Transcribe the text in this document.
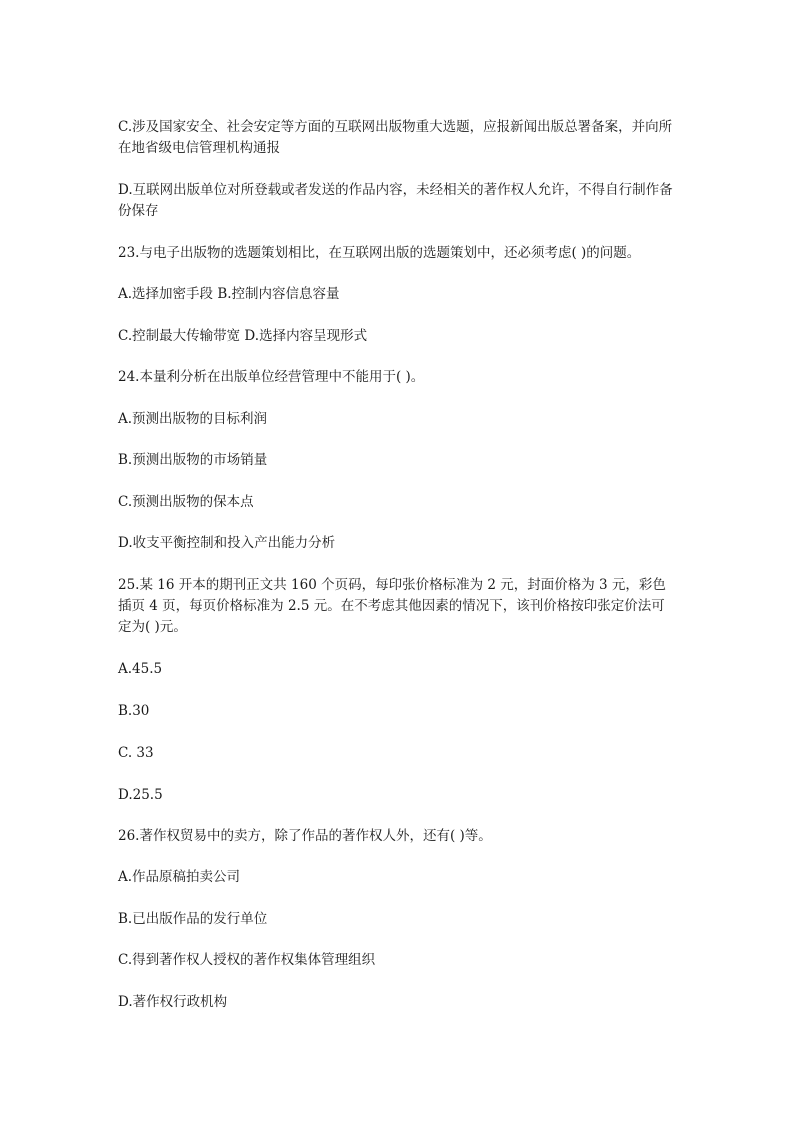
C.涉及国家安全、社会安定等方面的互联网出版物重大选题，应报新闻出版总署备案，并向所在地省级电信管理机构通报

D.互联网出版单位对所登载或者发送的作品内容，未经相关的著作权人允许，不得自行制作备份保存

23.与电子出版物的选题策划相比，在互联网出版的选题策划中，还必须考虑( )的问题。

A.选择加密手段 B.控制内容信息容量

C.控制最大传输带宽 D.选择内容呈现形式

24.本量利分析在出版单位经营管理中不能用于( )。

A.预测出版物的目标利润

B.预测出版物的市场销量

C.预测出版物的保本点

D.收支平衡控制和投入产出能力分析

25.某 16 开本的期刊正文共 160 个页码，每印张价格标准为 2 元，封面价格为 3 元，彩色插页 4 页，每页价格标准为 2.5 元。在不考虑其他因素的情况下，该刊价格按印张定价法可定为( )元。

A.45.5

B.30

C. 33

D.25.5

26.著作权贸易中的卖方，除了作品的著作权人外，还有( )等。

A.作品原稿拍卖公司

B.已出版作品的发行单位

C.得到著作权人授权的著作权集体管理组织

D.著作权行政机构
